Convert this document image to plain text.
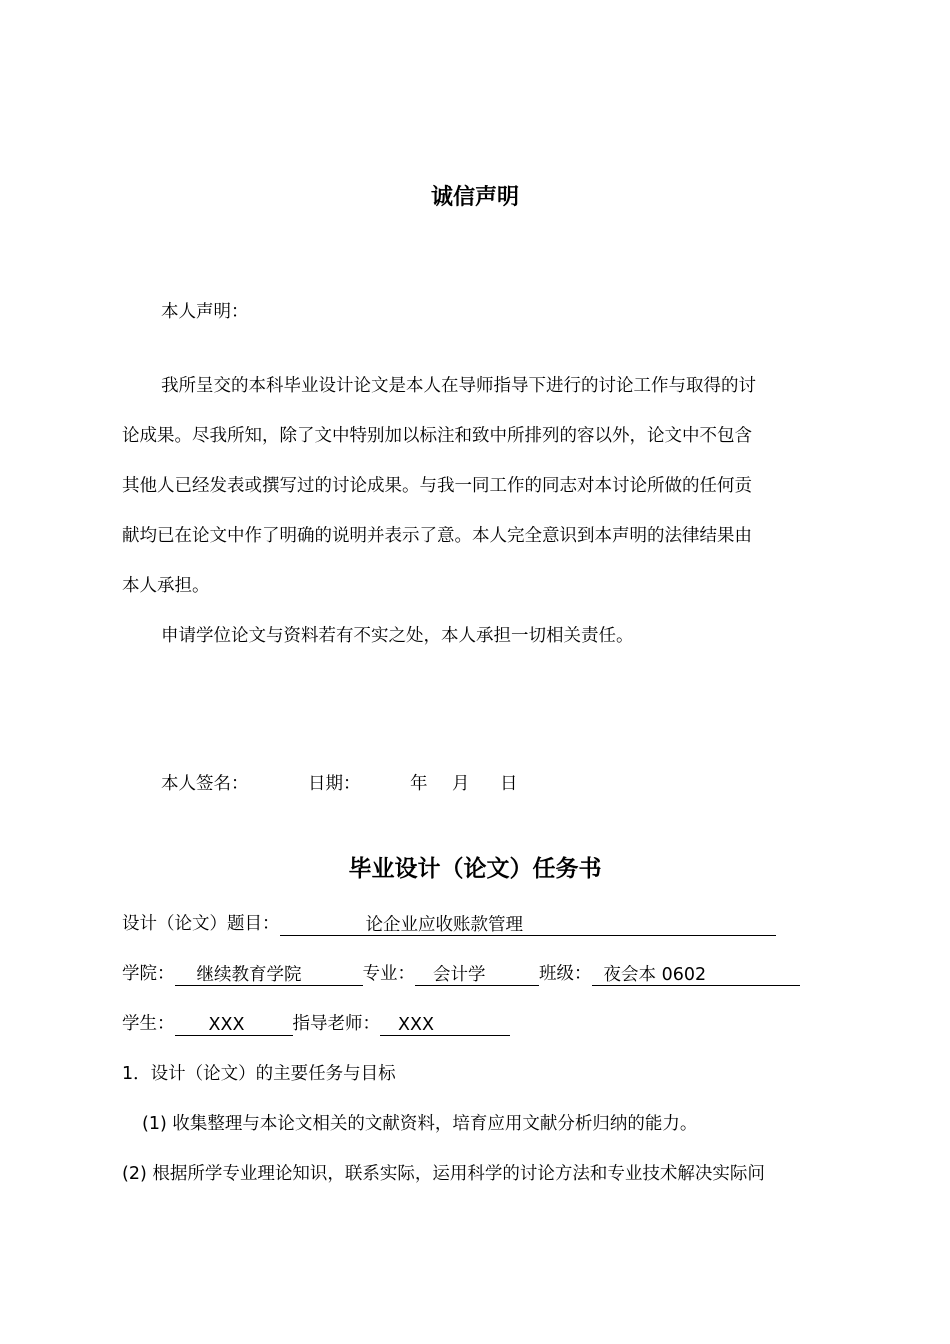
诚信声明
本人声明：
我所呈交的本科毕业设计论文是本人在导师指导下进行的讨论工作与取得的讨
论成果。尽我所知，除了文中特别加以标注和致中所排列的容以外，论文中不包含
其他人已经发表或撰写过的讨论成果。与我一同工作的同志对本讨论所做的任何贡
献均已在论文中作了明确的说明并表示了意。本人完全意识到本声明的法律结果由
本人承担。
申请学位论文与资料若有不实之处，本人承担一切相关责任。
本人签名：	日期：	年 月 日
毕业设计（论文）任务书
设计（论文）题目：	论企业应收账款管理
学院： 继续教育学院	专业： 会计学	班级： 夜会本 0602
学生： XXX	指导老师： XXX
1．设计（论文）的主要任务与目标
(1) 收集整理与本论文相关的文献资料，培育应用文献分析归纳的能力。
(2) 根据所学专业理论知识，联系实际，运用科学的讨论方法和专业技术解决实际问
